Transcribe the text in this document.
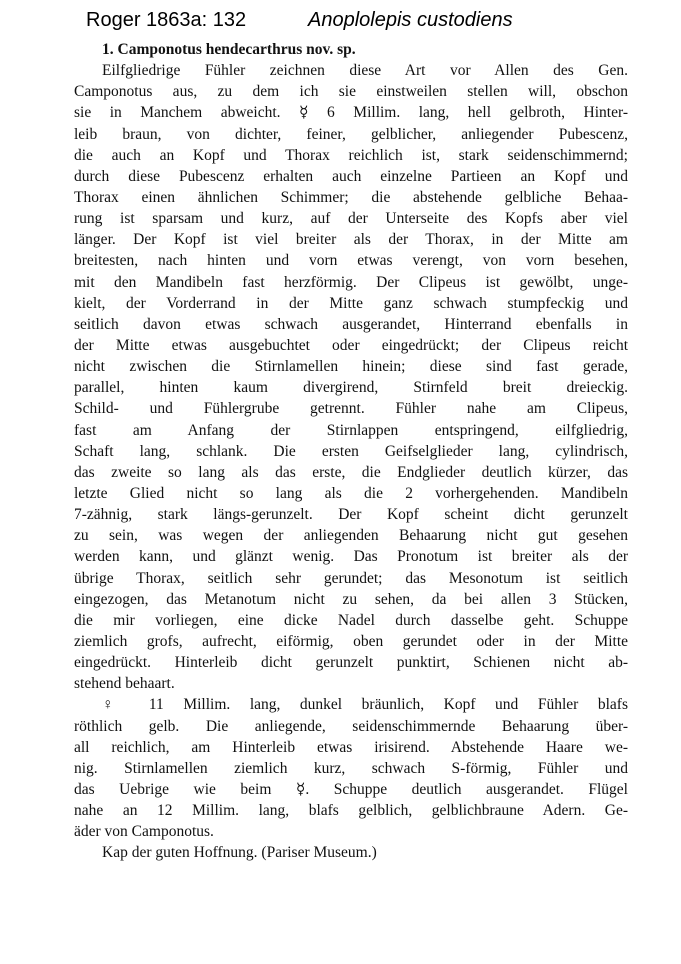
Roger 1863a: 132	Anoplolepis custodiens
1. Camponotus hendecarthrus nov. sp.
Eilfgliedrige Fühler zeichnen diese Art vor Allen des Gen.
Camponotus aus, zu dem ich sie einstweilen stellen will, obschon
sie in Manchem abweicht. ☿ 6 Millim. lang, hell gelbroth, Hinter-
leib braun, von dichter, feiner, gelblicher, anliegender Pubescenz,
die auch an Kopf und Thorax reichlich ist, stark seidenschimmernd;
durch diese Pubescenz erhalten auch einzelne Partieen an Kopf und
Thorax einen ähnlichen Schimmer; die abstehende gelbliche Behaa-
rung ist sparsam und kurz, auf der Unterseite des Kopfs aber viel
länger. Der Kopf ist viel breiter als der Thorax, in der Mitte am
breitesten, nach hinten und vorn etwas verengt, von vorn besehen,
mit den Mandibeln fast herzförmig. Der Clipeus ist gewölbt, unge-
kielt, der Vorderrand in der Mitte ganz schwach stumpfeckig und
seitlich davon etwas schwach ausgerandet, Hinterrand ebenfalls in
der Mitte etwas ausgebuchtet oder eingedrückt; der Clipeus reicht
nicht zwischen die Stirnlamellen hinein; diese sind fast gerade,
parallel, hinten kaum divergirend, Stirnfeld breit dreieckig.
Schild- und Fühlergrube getrennt. Fühler nahe am Clipeus,
fast am Anfang der Stirnlappen entspringend, eilfgliedrig,
Schaft lang, schlank. Die ersten Geifselglieder lang, cylindrisch,
das zweite so lang als das erste, die Endglieder deutlich kürzer, das
letzte Glied nicht so lang als die 2 vorhergehenden. Mandibeln
7-zähnig, stark längs-gerunzelt. Der Kopf scheint dicht gerunzelt
zu sein, was wegen der anliegenden Behaarung nicht gut gesehen
werden kann, und glänzt wenig. Das Pronotum ist breiter als der
übrige Thorax, seitlich sehr gerundet; das Mesonotum ist seitlich
eingezogen, das Metanotum nicht zu sehen, da bei allen 3 Stücken,
die mir vorliegen, eine dicke Nadel durch dasselbe geht. Schuppe
ziemlich grofs, aufrecht, eiförmig, oben gerundet oder in der Mitte
eingedrückt. Hinterleib dicht gerunzelt punktirt, Schienen nicht ab-
stehend behaart.
♀ 11 Millim. lang, dunkel bräunlich, Kopf und Fühler blafs
röthlich gelb. Die anliegende, seidenschimmernde Behaarung über-
all reichlich, am Hinterleib etwas irisirend. Abstehende Haare we-
nig. Stirnlamellen ziemlich kurz, schwach S-förmig, Fühler und
das Uebrige wie beim ☿. Schuppe deutlich ausgerandet. Flügel
nahe an 12 Millim. lang, blafs gelblich, gelblichbraune Adern. Ge-
äder von Camponotus.
Kap der guten Hoffnung. (Pariser Museum.)
